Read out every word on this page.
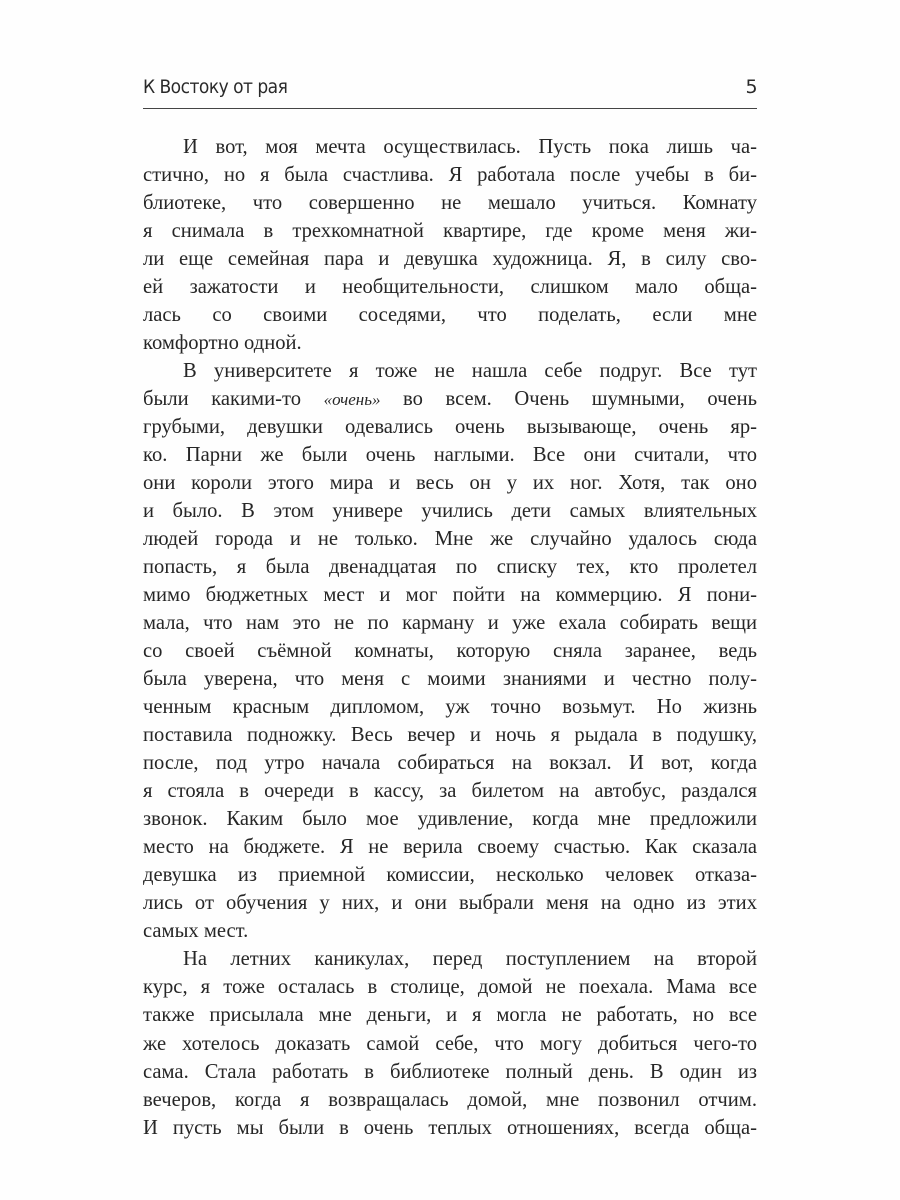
К Востоку от рая	5
И вот, моя мечта осуществилась. Пусть пока лишь ча-
стично, но я была счастлива. Я работала после учебы в би-
блиотеке, что совершенно не мешало учиться. Комнату
я снимала в трехкомнатной квартире, где кроме меня жи-
ли еще семейная пара и девушка художница. Я, в силу сво-
ей зажатости и необщительности, слишком мало обща-
лась со своими соседями, что поделать, если мне
комфортно одной.
В университете я тоже не нашла себе подруг. Все тут
были какими-то «очень» во всем. Очень шумными, очень
грубыми, девушки одевались очень вызывающе, очень яр-
ко. Парни же были очень наглыми. Все они считали, что
они короли этого мира и весь он у их ног. Хотя, так оно
и было. В этом универе учились дети самых влиятельных
людей города и не только. Мне же случайно удалось сюда
попасть, я была двенадцатая по списку тех, кто пролетел
мимо бюджетных мест и мог пойти на коммерцию. Я пони-
мала, что нам это не по карману и уже ехала собирать вещи
со своей съёмной комнаты, которую сняла заранее, ведь
была уверена, что меня с моими знаниями и честно полу-
ченным красным дипломом, уж точно возьмут. Но жизнь
поставила подножку. Весь вечер и ночь я рыдала в подушку,
после, под утро начала собираться на вокзал. И вот, когда
я стояла в очереди в кассу, за билетом на автобус, раздался
звонок. Каким было мое удивление, когда мне предложили
место на бюджете. Я не верила своему счастью. Как сказала
девушка из приемной комиссии, несколько человек отказа-
лись от обучения у них, и они выбрали меня на одно из этих
самых мест.
На летних каникулах, перед поступлением на второй
курс, я тоже осталась в столице, домой не поехала. Мама все
также присылала мне деньги, и я могла не работать, но все
же хотелось доказать самой себе, что могу добиться чего-то
сама. Стала работать в библиотеке полный день. В один из
вечеров, когда я возвращалась домой, мне позвонил отчим.
И пусть мы были в очень теплых отношениях, всегда обща-
